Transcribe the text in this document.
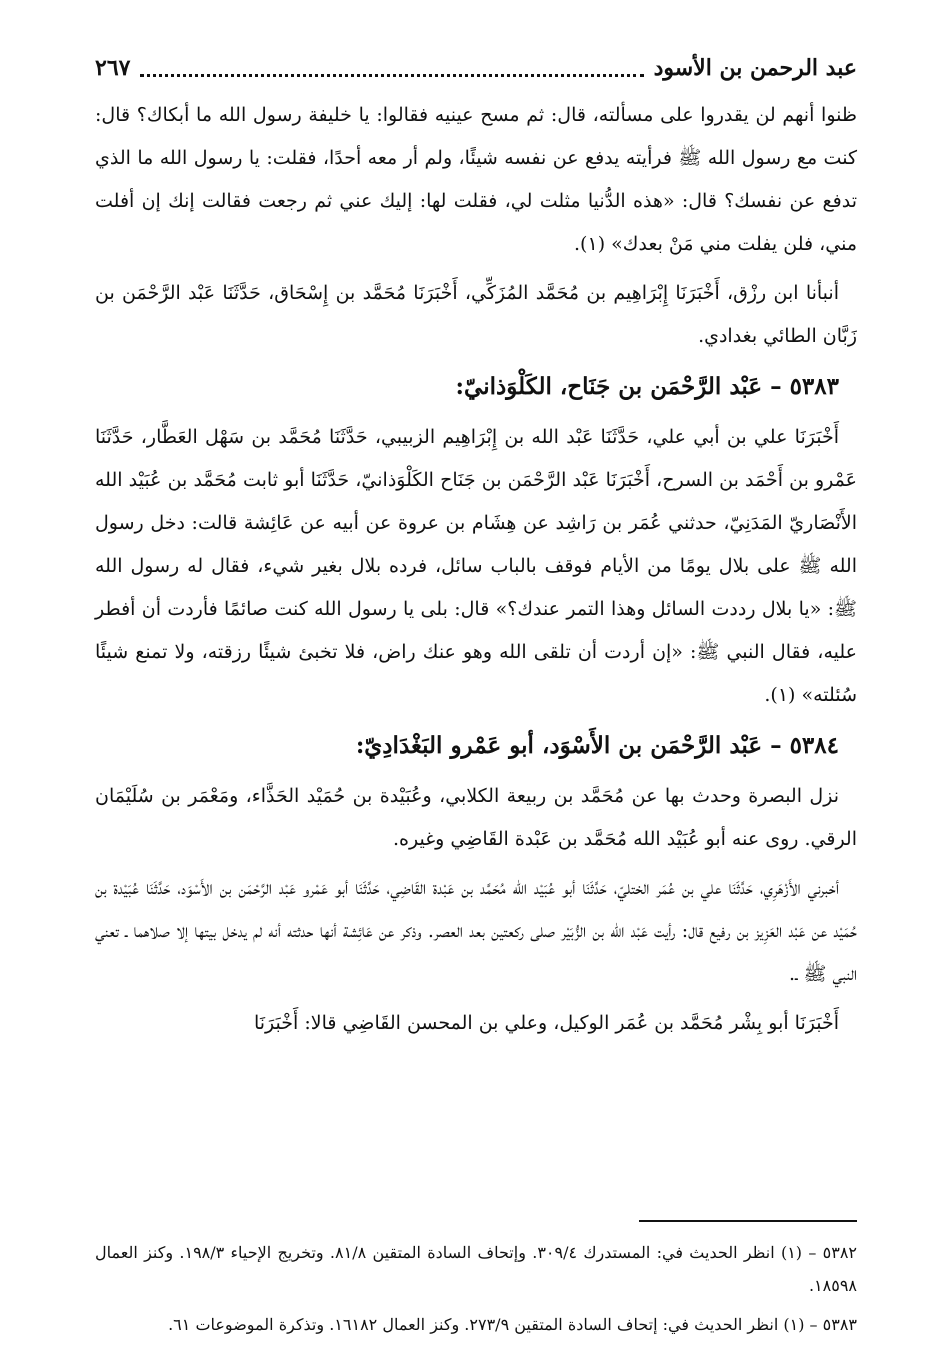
عبد الرحمن بن الأسود
٢٦٧

ظنوا أنهم لن يقدروا على مسألته، قال: ثم مسح عينيه فقالوا: يا خليفة رسول الله ما أبكاك؟ قال: كنت مع رسول الله ﷺ فرأيته يدفع عن نفسه شيئًا، ولم أر معه أحدًا، فقلت: يا رسول الله ما الذي تدفع عن نفسك؟ قال: «هذه الدُّنيا مثلت لي، فقلت لها: إليك عني ثم رجعت فقالت إنك إن أفلت مني، فلن يفلت مني مَنْ بعدك» (١).

أنبأنا ابن رزْق، أَخْبَرَنَا إِبْرَاهِيم بن مُحَمَّد المُزَكِّي، أَخْبَرَنَا مُحَمَّد بن إِسْحَاق، حَدَّثَنَا عَبْد الرَّحْمَن بن زَبَّان الطائي بغدادي.

٥٣٨٣ – عَبْد الرَّحْمَن بن جَنَاح، الكَلْوَذانيّ:

أَخْبَرَنَا علي بن أبي علي، حَدَّثَنَا عَبْد الله بن إِبْرَاهِيم الزبيبي، حَدَّثَنَا مُحَمَّد بن سَهْل العَطَّار، حَدَّثَنَا عَمْرو بن أَحْمَد بن السرح، أَخْبَرَنَا عَبْد الرَّحْمَن بن جَنَاح الكَلْوَذانيّ، حَدَّثَنَا أبو ثابت مُحَمَّد بن عُبَيْد الله الأَنْصَاريّ المَدَنِيّ، حدثني عُمَر بن رَاشِد عن هِشَام بن عروة عن أبيه عن عَائِشة قالت: دخل رسول الله ﷺ على بلال يومًا من الأيام فوقف بالباب سائل، فرده بلال بغير شيء، فقال له رسول الله ﷺ: «يا بلال رددت السائل وهذا التمر عندك؟» قال: بلى يا رسول الله كنت صائمًا فأردت أن أفطر عليه، فقال النبي ﷺ: «إن أردت أن تلقى الله وهو عنك راض، فلا تخبئ شيئًا رزقته، ولا تمنع شيئًا سُئلته» (١).

٥٣٨٤ – عَبْد الرَّحْمَن بن الأَسْوَد، أبو عَمْرو البَغْدَادِيّ:

نزل البصرة وحدث بها عن مُحَمَّد بن ربيعة الكلابي، وعُبَيْدة بن حُمَيْد الحَذَّاء، ومَعْمَر بن سُلَيْمَان الرقي. روى عنه أبو عُبَيْد الله مُحَمَّد بن عَبْدة القَاضِي وغيره.

أخبرني الأَزْهَرِي، حَدَّثَنَا علي بن عُمَر الختليّ، حَدَّثَنَا أبو عُبَيْد الله مُحَمَّد بن عَبْدة القَاضِي، حَدَّثَنَا أبو عَمْرو عَبْد الرَّحْمَن بن الأَسْوَد، حَدَّثَنَا عُبَيْدة بن حُمَيْد عن عَبْد العَزِيز بن رفيع قال: رأيت عَبْد الله بن الزُّبَيْر صلى ركعتين بعد العصر. وذكر عن عَائِشة أنها حدثته أنه لم يدخل بيتها إلا صلاهما ـ تعني النبي ﷺ ـ.

أَخْبَرَنَا أبو بِشْر مُحَمَّد بن عُمَر الوكيل، وعلي بن المحسن القَاضِي قالا: أَخْبَرَنَا

٥٣٨٢ – (١) انظر الحديث في: المستدرك ٣٠٩/٤. وإتحاف السادة المتقين ٨١/٨. وتخريج الإحياء ١٩٨/٣. وكنز العمال ١٨٥٩٨.

٥٣٨٣ – (١) انظر الحديث في: إتحاف السادة المتقين ٢٧٣/٩. وكنز العمال ١٦١٨٢. وتذكرة الموضوعات ٦١.
